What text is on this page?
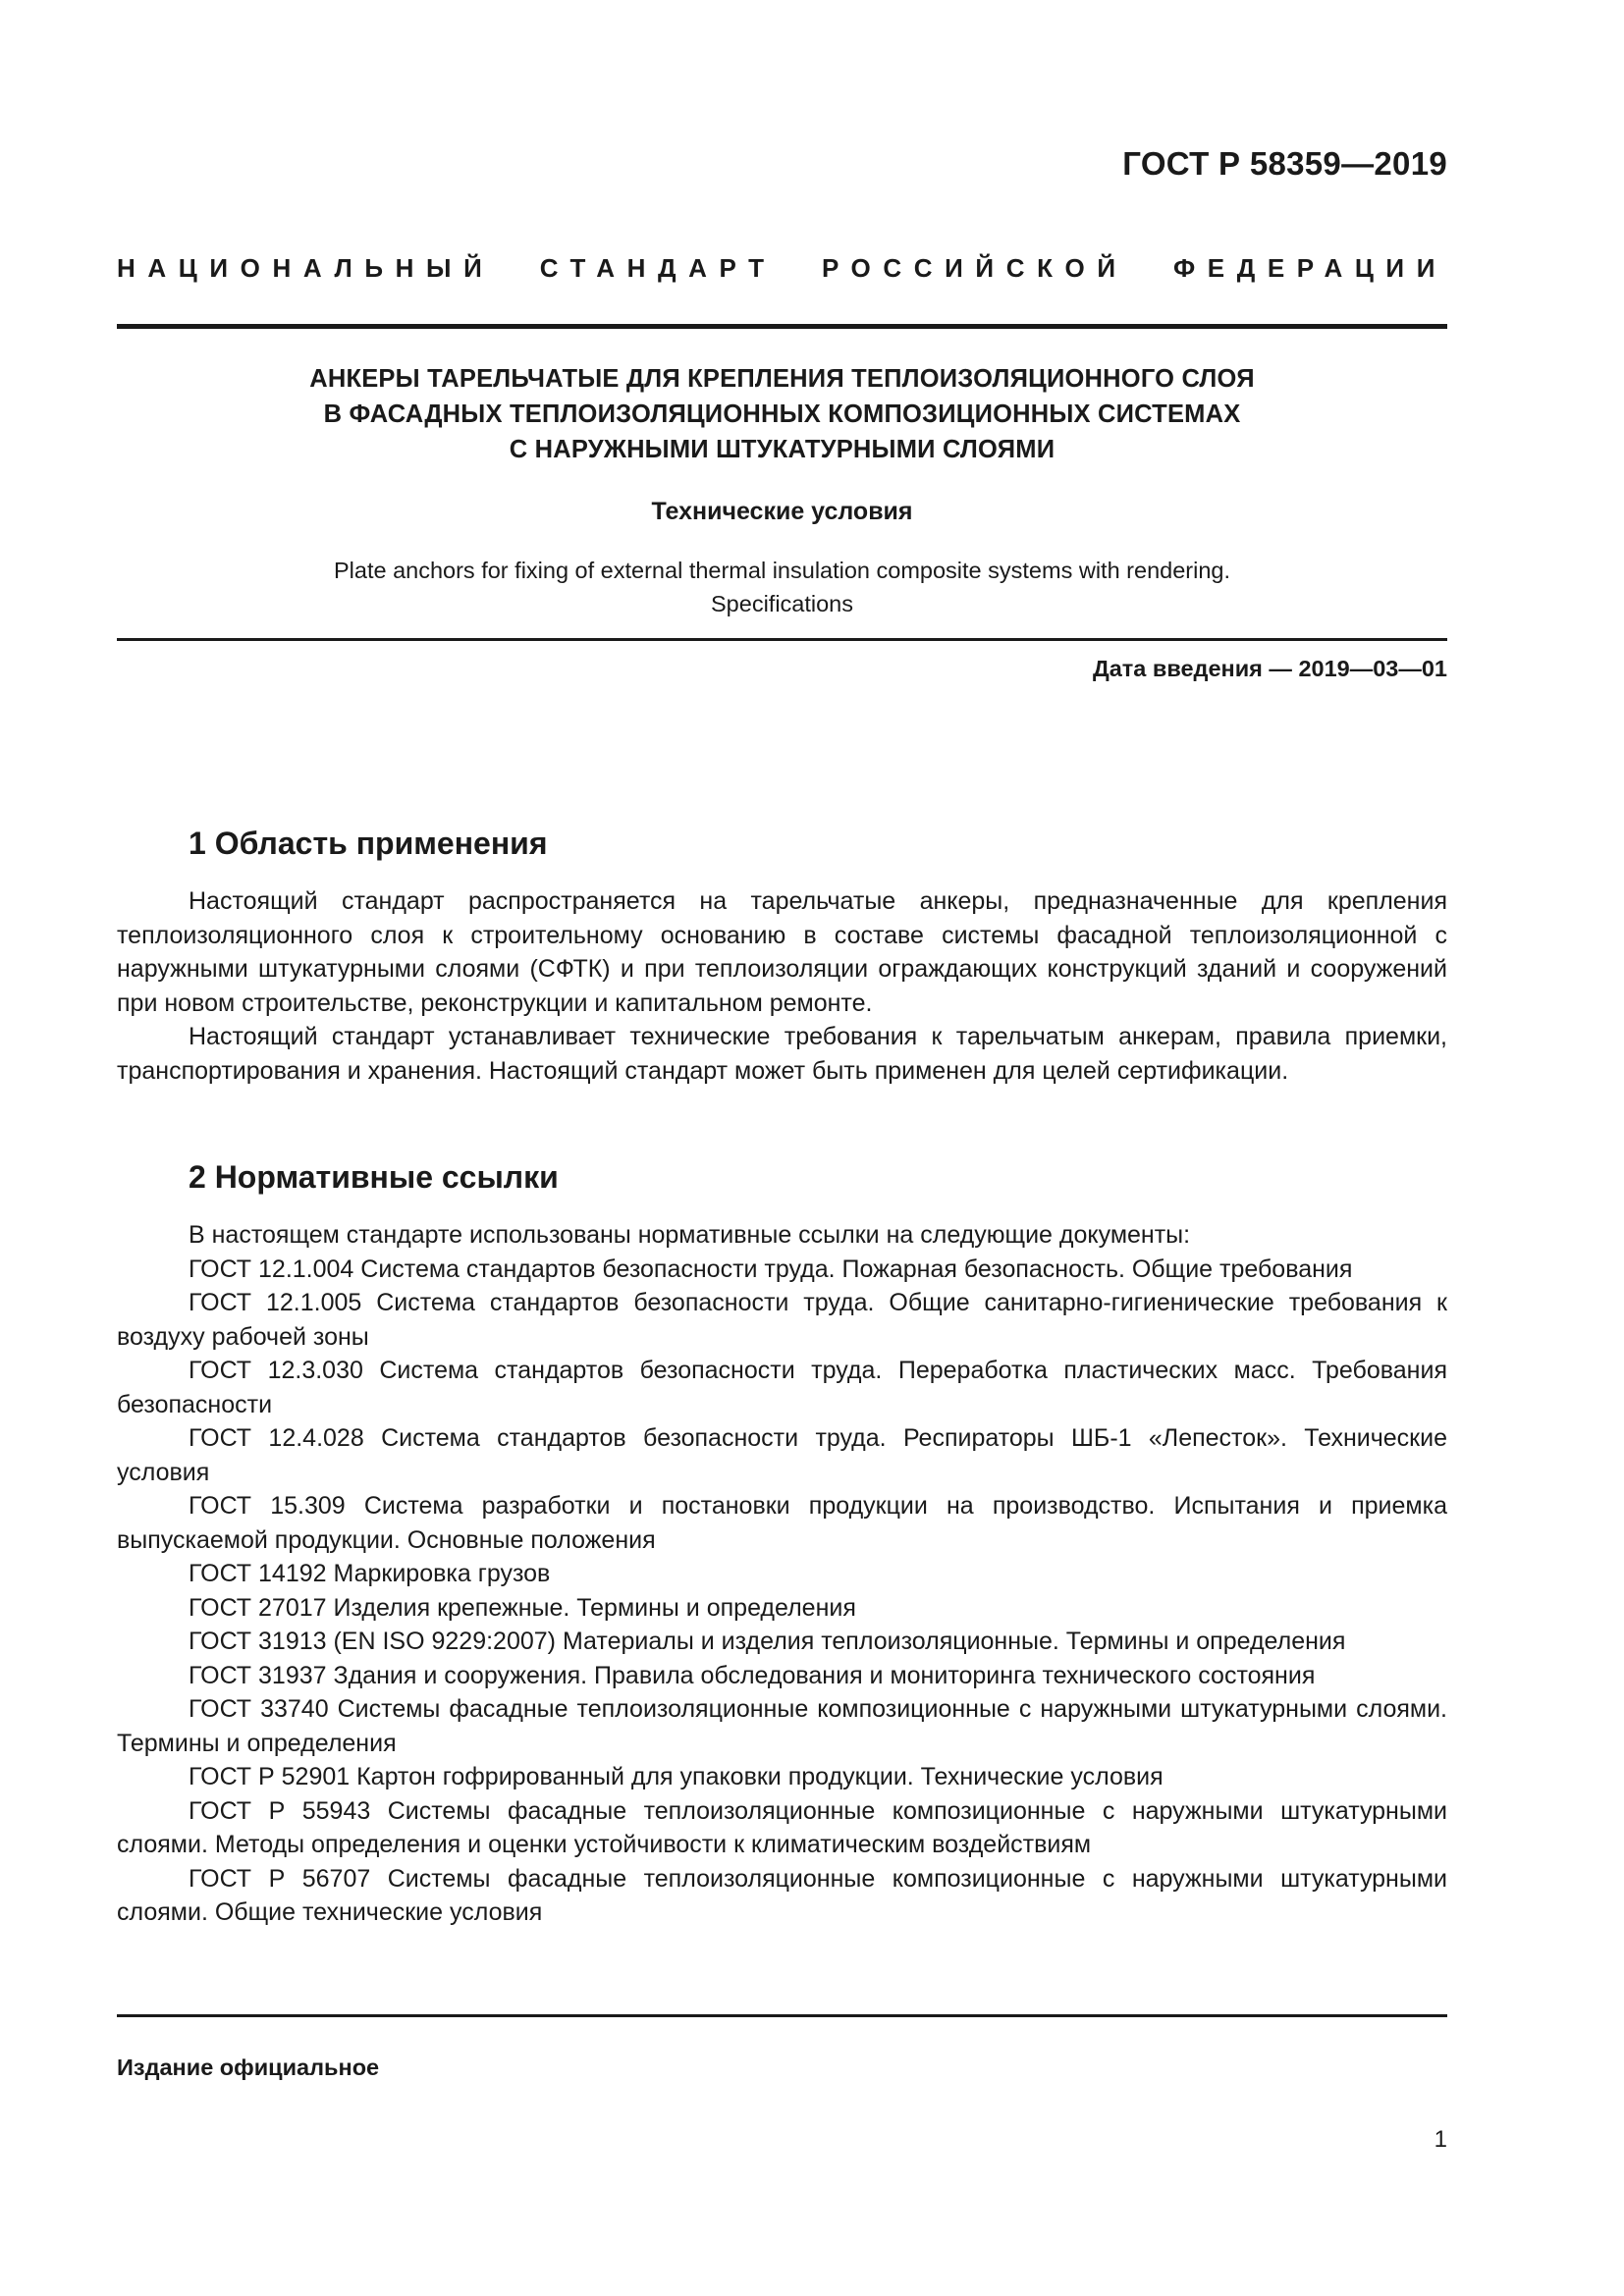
ГОСТ Р 58359—2019
НАЦИОНАЛЬНЫЙ СТАНДАРТ РОССИЙСКОЙ ФЕДЕРАЦИИ
АНКЕРЫ ТАРЕЛЬЧАТЫЕ ДЛЯ КРЕПЛЕНИЯ ТЕПЛОИЗОЛЯЦИОННОГО СЛОЯ
В ФАСАДНЫХ ТЕПЛОИЗОЛЯЦИОННЫХ КОМПОЗИЦИОННЫХ СИСТЕМАХ
С НАРУЖНЫМИ ШТУКАТУРНЫМИ СЛОЯМИ
Технические условия
Plate anchors for fixing of external thermal insulation composite systems with rendering.
Specifications
Дата введения — 2019—03—01
1 Область применения

Настоящий стандарт распространяется на тарельчатые анкеры, предназначенные для крепления теплоизоляционного слоя к строительному основанию в составе системы фасадной теплоизоляционной с наружными штукатурными слоями (СФТК) и при теплоизоляции ограждающих конструкций зданий и сооружений при новом строительстве, реконструкции и капитальном ремонте.

Настоящий стандарт устанавливает технические требования к тарельчатым анкерам, правила приемки, транспортирования и хранения. Настоящий стандарт может быть применен для целей сертификации.

2 Нормативные ссылки

В настоящем стандарте использованы нормативные ссылки на следующие документы:

ГОСТ 12.1.004 Система стандартов безопасности труда. Пожарная безопасность. Общие требования

ГОСТ 12.1.005 Система стандартов безопасности труда. Общие санитарно-гигиенические требования к воздуху рабочей зоны

ГОСТ 12.3.030 Система стандартов безопасности труда. Переработка пластических масс. Требования безопасности

ГОСТ 12.4.028 Система стандартов безопасности труда. Респираторы ШБ-1 «Лепесток». Технические условия

ГОСТ 15.309 Система разработки и постановки продукции на производство. Испытания и приемка выпускаемой продукции. Основные положения

ГОСТ 14192 Маркировка грузов

ГОСТ 27017 Изделия крепежные. Термины и определения

ГОСТ 31913 (EN ISO 9229:2007) Материалы и изделия теплоизоляционные. Термины и определения

ГОСТ 31937 Здания и сооружения. Правила обследования и мониторинга технического состояния

ГОСТ 33740 Системы фасадные теплоизоляционные композиционные с наружными штукатурными слоями. Термины и определения

ГОСТ Р 52901 Картон гофрированный для упаковки продукции. Технические условия

ГОСТ Р 55943 Системы фасадные теплоизоляционные композиционные с наружными штукатурными слоями. Методы определения и оценки устойчивости к климатическим воздействиям

ГОСТ Р 56707 Системы фасадные теплоизоляционные композиционные с наружными штукатурными слоями. Общие технические условия

Издание официальное
1
